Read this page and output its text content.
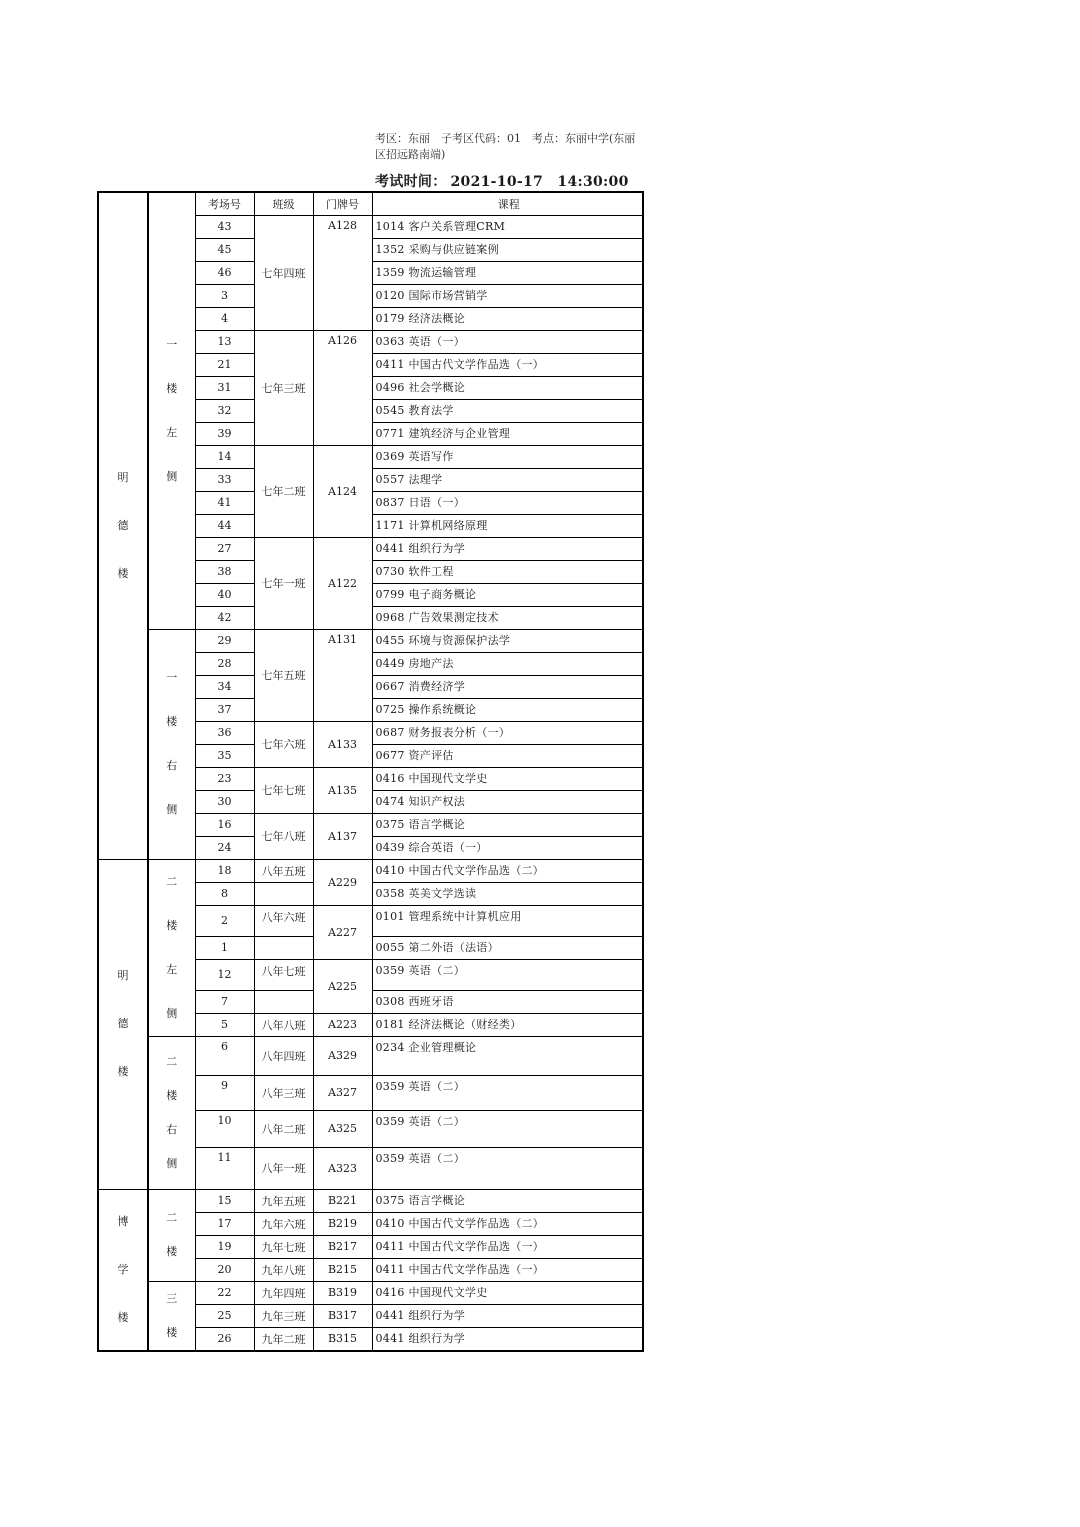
考区：东丽　子考区代码：01　考点：东丽中学(东丽区招远路南端)
考试时间： 2021-10-17 14:30:00
明德楼	一楼左侧	考场号	班级	门牌号	课程
		43	七年四班	A128	1014 客户关系管理CRM
		45			1352 采购与供应链案例
		46			1359 物流运输管理
		3			0120 国际市场营销学
		4			0179 经济法概论
		13	七年三班	A126	0363 英语（一）
		21			0411 中国古代文学作品选（一）
		31			0496 社会学概论
		32			0545 教育法学
		39			0771 建筑经济与企业管理
		14	七年二班	A124	0369 英语写作
		33			0557 法理学
		41			0837 日语（一）
		44			1171 计算机网络原理
		27	七年一班	A122	0441 组织行为学
		38			0730 软件工程
		40			0799 电子商务概论
		42			0968 广告效果测定技术
	一楼右侧	29	七年五班	A131	0455 环境与资源保护法学
		28			0449 房地产法
		34			0667 消费经济学
		37			0725 操作系统概论
		36	七年六班	A133	0687 财务报表分析（一）
		35			0677 资产评估
		23	七年七班	A135	0416 中国现代文学史
		30			0474 知识产权法
		16	七年八班	A137	0375 语言学概论
		24			0439 综合英语（一）
明德楼	二楼左侧	18	八年五班	A229	0410 中国古代文学作品选（二）
		8			0358 英美文学选读
		2	八年六班	A227	0101 管理系统中计算机应用
		1			0055 第二外语（法语）
		12	八年七班	A225	0359 英语（二）
		7			0308 西班牙语
		5	八年八班	A223	0181 经济法概论（财经类）
	二楼右侧	6	八年四班	A329	0234 企业管理概论
		9	八年三班	A327	0359 英语（二）
		10	八年二班	A325	0359 英语（二）
		11	八年一班	A323	0359 英语（二）
博学楼	二楼	15	九年五班	B221	0375 语言学概论
		17	九年六班	B219	0410 中国古代文学作品选（二）
		19	九年七班	B217	0411 中国古代文学作品选（一）
		20	九年八班	B215	0411 中国古代文学作品选（一）
	三楼	22	九年四班	B319	0416 中国现代文学史
		25	九年三班	B317	0441 组织行为学
		26	九年二班	B315	0441 组织行为学
